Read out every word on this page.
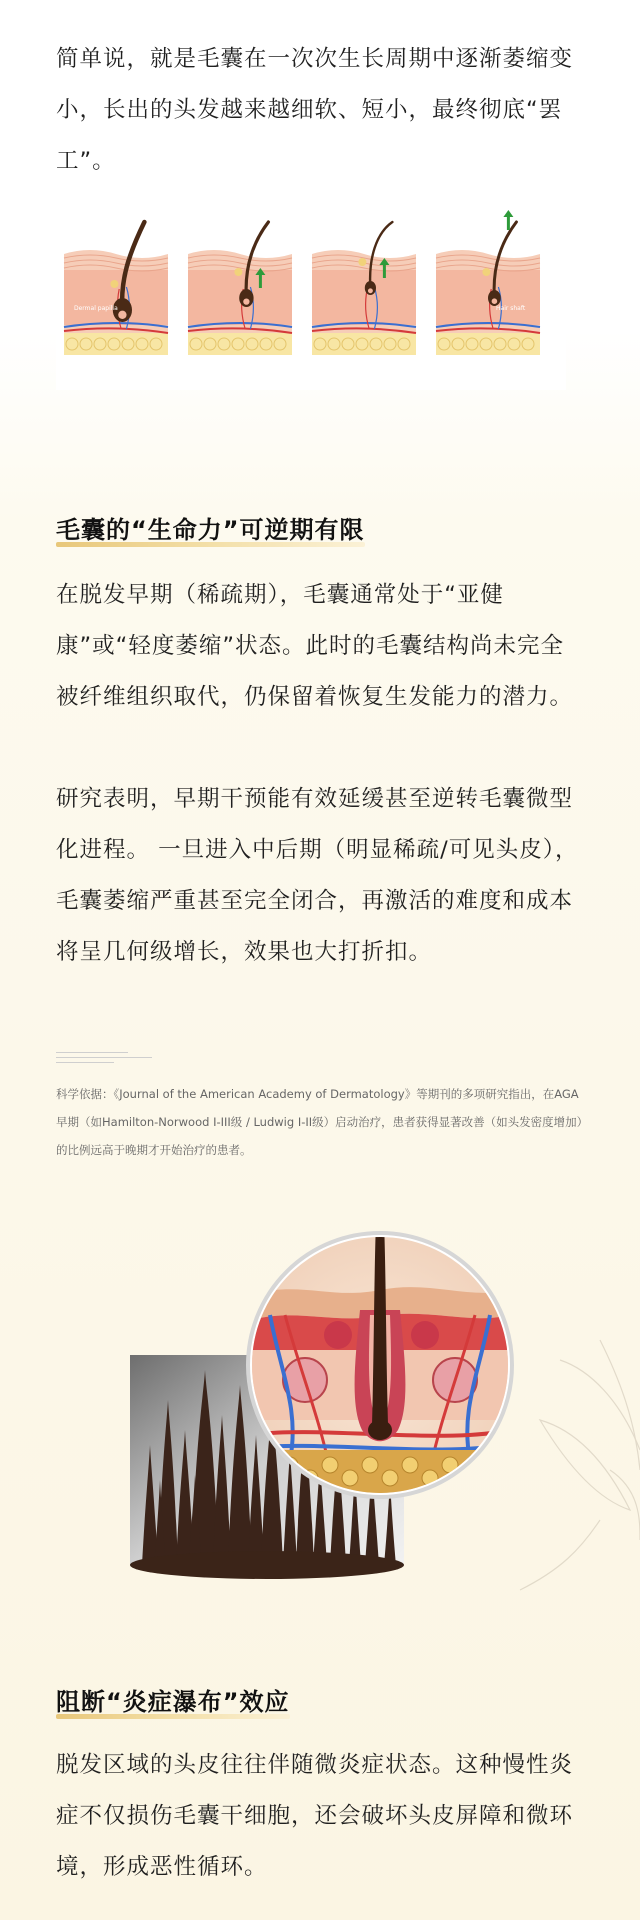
简单说，就是毛囊在一次次生长周期中逐渐萎缩变小，长出的头发越来越细软、短小，最终彻底“罢工”。

Dermal papilla	Hair shaft
毛囊的“生命力”可逆期有限

在脱发早期（稀疏期），毛囊通常处于“亚健康”或“轻度萎缩”状态。此时的毛囊结构尚未完全被纤维组织取代，仍保留着恢复生发能力的潜力。

研究表明，早期干预能有效延缓甚至逆转毛囊微型化进程。 一旦进入中后期（明显稀疏/可见头皮），毛囊萎缩严重甚至完全闭合，再激活的难度和成本将呈几何级增长，效果也大打折扣。

科学依据：《Journal of the American Academy of Dermatology》等期刊的多项研究指出，在AGA早期（如Hamilton-Norwood I-III级 / Ludwig I-II级）启动治疗，患者获得显著改善（如头发密度增加）的比例远高于晚期才开始治疗的患者。

阻断“炎症瀑布”效应

脱发区域的头皮往往伴随微炎症状态。这种慢性炎症不仅损伤毛囊干细胞，还会破坏头皮屏障和微环境，形成恶性循环。
